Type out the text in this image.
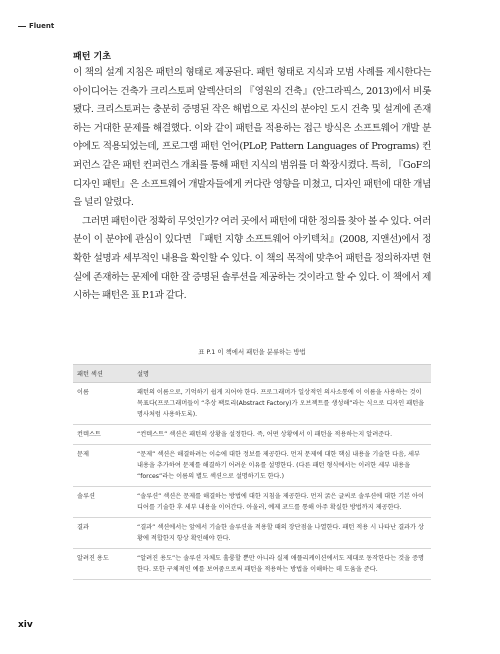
Fluent
패턴 기초

이 책의 설계 지침은 패턴의 형태로 제공된다. 패턴 형태로 지식과 모범 사례를 제시한다는 아이디어는 건축가 크리스토퍼 알렉산더의 『영원의 건축』(안그라픽스, 2013)에서 비롯됐다. 크리스토퍼는 충분히 증명된 작은 해법으로 자신의 분야인 도시 건축 및 설계에 존재하는 거대한 문제를 해결했다. 이와 같이 패턴을 적용하는 접근 방식은 소프트웨어 개발 분야에도 적용되었는데, 프로그램 패턴 언어(PLoP, Pattern Languages of Programs) 컨퍼런스 같은 패턴 컨퍼런스 개최를 통해 패턴 지식의 범위를 더 확장시켰다. 특히, 『GoF의 디자인 패턴』은 소프트웨어 개발자들에게 커다란 영향을 미쳤고, 디자인 패턴에 대한 개념을 널리 알렸다.

그러면 패턴이란 정확히 무엇인가? 여러 곳에서 패턴에 대한 정의를 찾아 볼 수 있다. 여러분이 이 분야에 관심이 있다면 『패턴 지향 소프트웨어 아키텍처』(2008, 지앤선)에서 정확한 설명과 세부적인 내용을 확인할 수 있다. 이 책의 목적에 맞추어 패턴을 정의하자면 현실에 존재하는 문제에 대한 잘 증명된 솔루션을 제공하는 것이라고 할 수 있다. 이 책에서 제시하는 패턴은 표 P.1과 같다.

표 P.1 이 책에서 패턴을 분류하는 방법
패턴 섹션	설명
이름	패턴의 이름으로, 기억하기 쉽게 지어야 한다. 프로그래머가 일상적인 의사소통에 이 이름을 사용하는 것이 목표다(프로그래머들이 “추상 팩토리(Abstract Factory)가 오브젝트를 생성해”라는 식으로 디자인 패턴을 명사처럼 사용하도록).
컨텍스트	“컨텍스트” 섹션은 패턴의 상황을 설정한다. 즉, 어떤 상황에서 이 패턴을 적용하는지 알려준다.
문제	“문제” 섹션은 해결하려는 이슈에 대한 정보를 제공한다. 먼저 문제에 대한 핵심 내용을 기술한 다음, 세부 내용을 추가하여 문제를 해결하기 어려운 이유를 설명한다. (다른 패턴 형식에서는 이러한 세부 내용을 “forces”라는 이름의 별도 섹션으로 설명하기도 한다.)
솔루션	“솔루션” 섹션은 문제를 해결하는 방법에 대한 지침을 제공한다. 먼저 굵은 글씨로 솔루션에 대한 기본 아이디어를 기술한 후 세부 내용을 이어간다. 아울러, 예제 코드를 통해 아주 확실한 방법까지 제공한다.
결과	“결과” 섹션에서는 앞에서 기술한 솔루션을 적용할 때의 장단점을 나열한다. 패턴 적용 시 나타난 결과가 상황에 적합한지 항상 확인해야 한다.
알려진 용도	“알려진 용도”는 솔루션 자체도 훌륭할 뿐만 아니라 실제 애플리케이션에서도 제대로 동작한다는 것을 증명한다. 또한 구체적인 예를 보여줌으로써 패턴을 적용하는 방법을 이해하는 데 도움을 준다.
xiv
